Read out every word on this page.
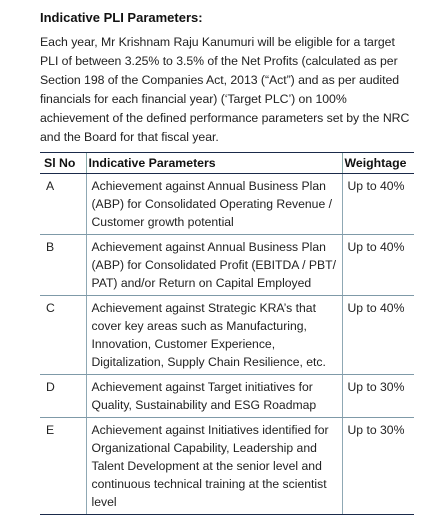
Indicative PLI Parameters:

Each year, Mr Krishnam Raju Kanumuri will be eligible for a target PLI of between 3.25% to 3.5% of the Net Profits (calculated as per Section 198 of the Companies Act, 2013 (“Act”) and as per audited financials for each financial year) (‘Target PLC’) on 100% achievement of the defined performance parameters set by the NRC and the Board for that fiscal year.

Sl No	Indicative Parameters	Weightage
A	Achievement against Annual Business Plan (ABP) for Consolidated Operating Revenue / Customer growth potential	Up to 40%
B	Achievement against Annual Business Plan (ABP) for Consolidated Profit (EBITDA / PBT/ PAT) and/or Return on Capital Employed	Up to 40%
C	Achievement against Strategic KRA’s that cover key areas such as Manufacturing, Innovation, Customer Experience, Digitalization, Supply Chain Resilience, etc.	Up to 40%
D	Achievement against Target initiatives for Quality, Sustainability and ESG Roadmap	Up to 30%
E	Achievement against Initiatives identified for Organizational Capability, Leadership and Talent Development at the senior level and continuous technical training at the scientist level	Up to 30%
